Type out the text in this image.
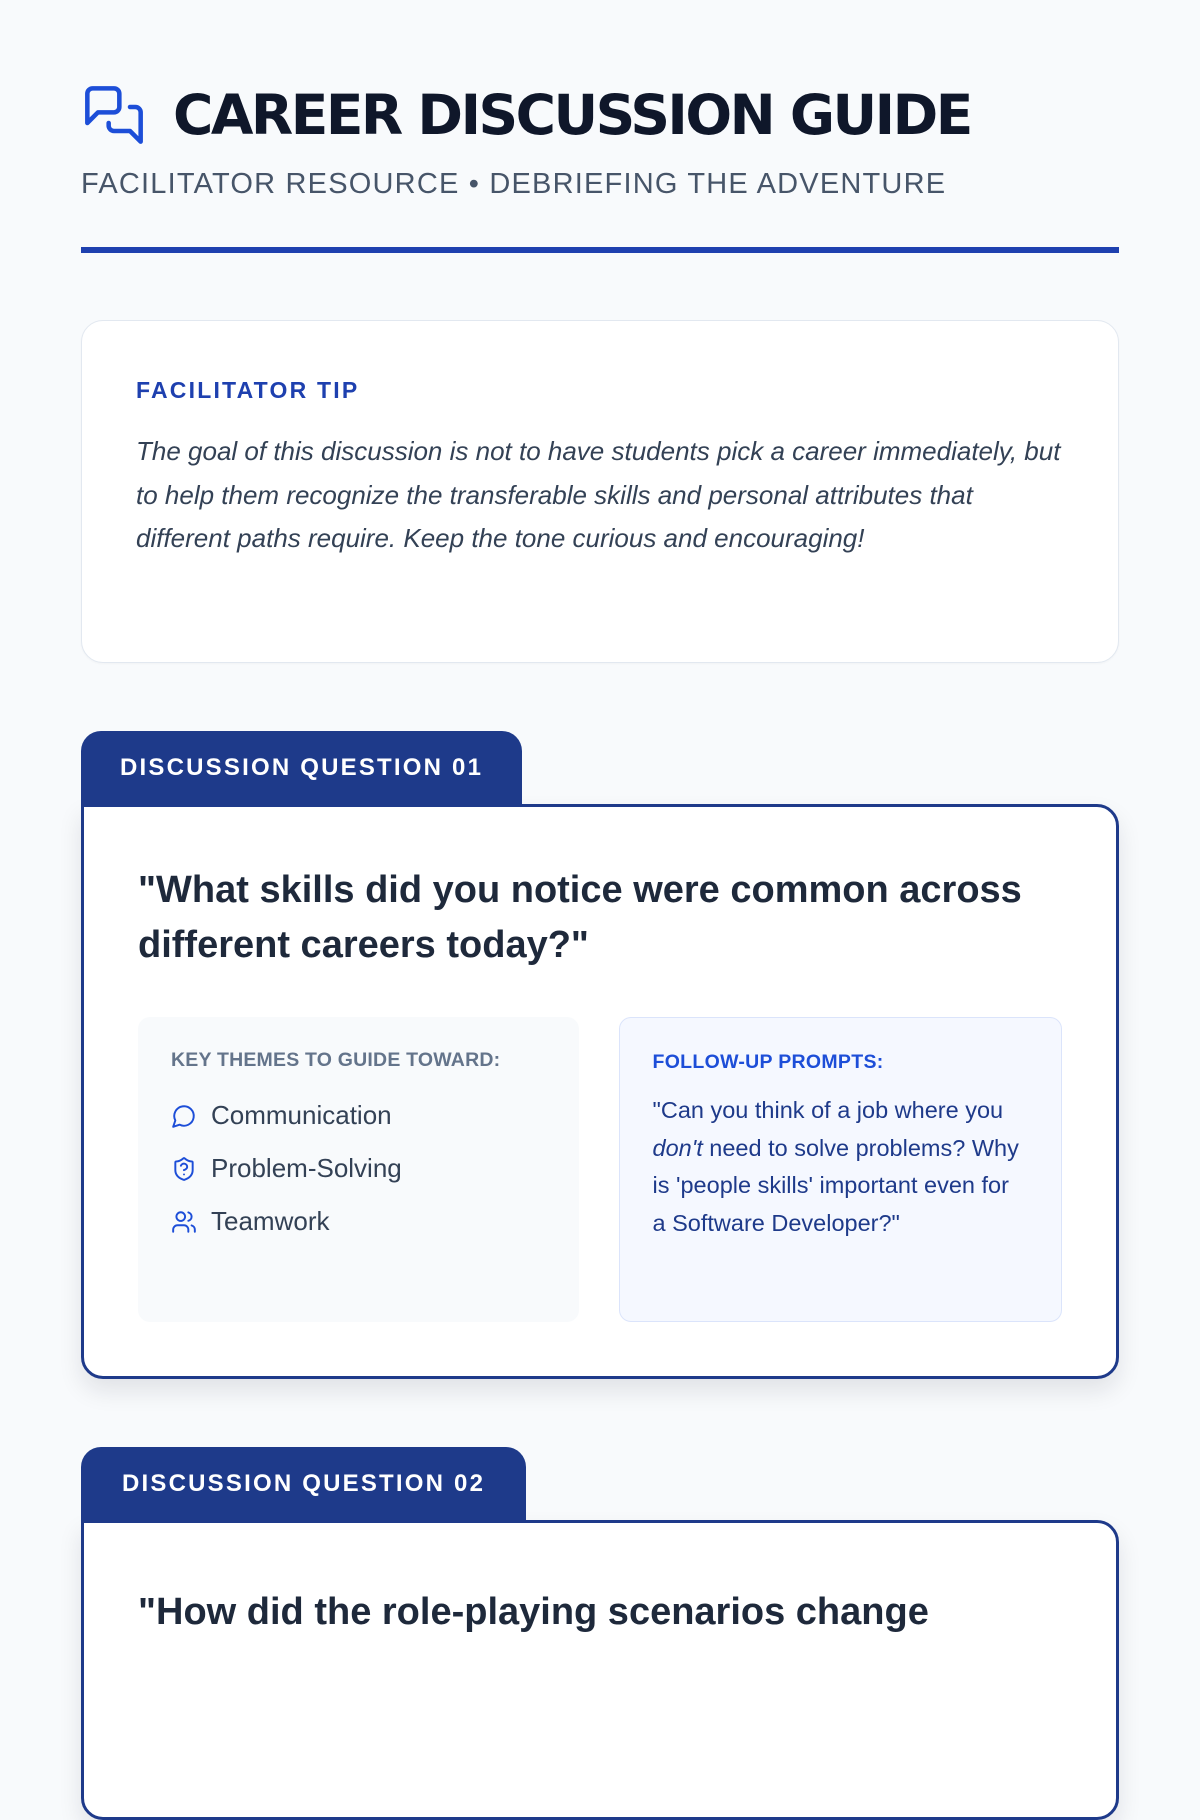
CAREER DISCUSSION GUIDE
FACILITATOR RESOURCE • DEBRIEFING THE ADVENTURE
FACILITATOR TIP

The goal of this discussion is not to have students pick a career immediately, but to help them recognize the transferable skills and personal attributes that different paths require. Keep the tone curious and encouraging!

DISCUSSION QUESTION 01
"What skills did you notice were common across different careers today?"
KEY THEMES TO GUIDE TOWARD:
Communication
Problem-Solving
Teamwork
FOLLOW-UP PROMPTS:

"Can you think of a job where you don't need to solve problems? Why is 'people skills' important even for a Software Developer?"

DISCUSSION QUESTION 02
"How did the role-playing scenarios change
